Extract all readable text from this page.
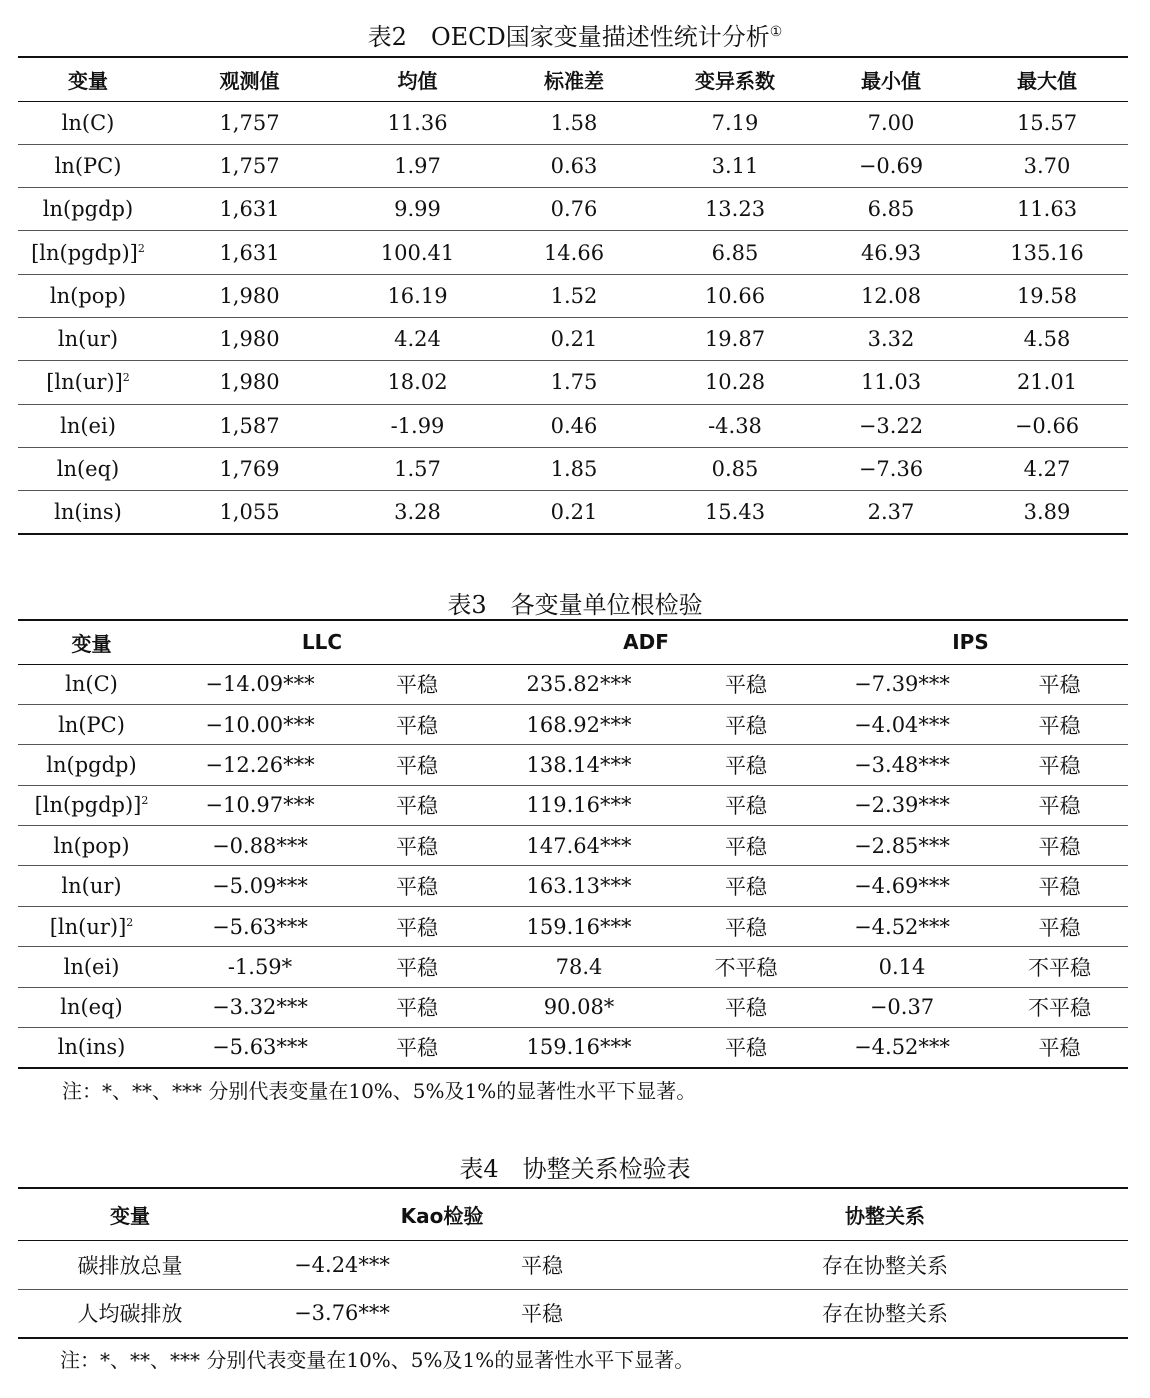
表2　OECD国家变量描述性统计分析①
变量	观测值	均值	标准差	变异系数	最小值	最大值
ln(C)	1,757	11.36	1.58	7.19	7.00	15.57
ln(PC)	1,757	1.97	0.63	3.11	−0.69	3.70
ln(pgdp)	1,631	9.99	0.76	13.23	6.85	11.63
[ln(pgdp)]$^2$	1,631	100.41	14.66	6.85	46.93	135.16
ln(pop)	1,980	16.19	1.52	10.66	12.08	19.58
ln(ur)	1,980	4.24	0.21	19.87	3.32	4.58
$[\ln(ur)]^2$	1,980	18.02	1.75	10.28	11.03	21.01
ln(ei)	1,587	-1.99	0.46	-4.38	−3.22	−0.66
ln(eq)	1,769	1.57	1.85	0.85	−7.36	4.27
ln(ins)	1,055	3.28	0.21	15.43	2.37	3.89
表3　各变量单位根检验
变量	LLC		ADF		IPS	
ln(C)	−14.09***	平稳	235.82***	平稳	−7.39***	平稳
ln(PC)	−10.00***	平稳	168.92***	平稳	−4.04***	平稳
ln(pgdp)	−12.26***	平稳	138.14***	平稳	−3.48***	平稳
[ln(pgdp)]$^2$	−10.97***	平稳	119.16***	平稳	−2.39***	平稳
ln(pop)	−0.88***	平稳	147.64***	平稳	−2.85***	平稳
ln(ur)	−5.09***	平稳	163.13***	平稳	−4.69***	平稳
$[\ln(ur)]^2$	−5.63***	平稳	159.16***	平稳	−4.52***	平稳
ln(ei)	-1.59*	平稳	78.4	不平稳	0.14	不平稳
ln(eq)	−3.32***	平稳	90.08*	平稳	−0.37	不平稳
ln(ins)	−5.63***	平稳	159.16***	平稳	−4.52***	平稳
注：*、**、*** 分别代表变量在10%、5%及1%的显著性水平下显著。
表4　协整关系检验表
变量	Kao检验		协整关系
碳排放总量	−4.24***	平稳	存在协整关系
人均碳排放	−3.76***	平稳	存在协整关系
注：*、**、*** 分别代表变量在10%、5%及1%的显著性水平下显著。
